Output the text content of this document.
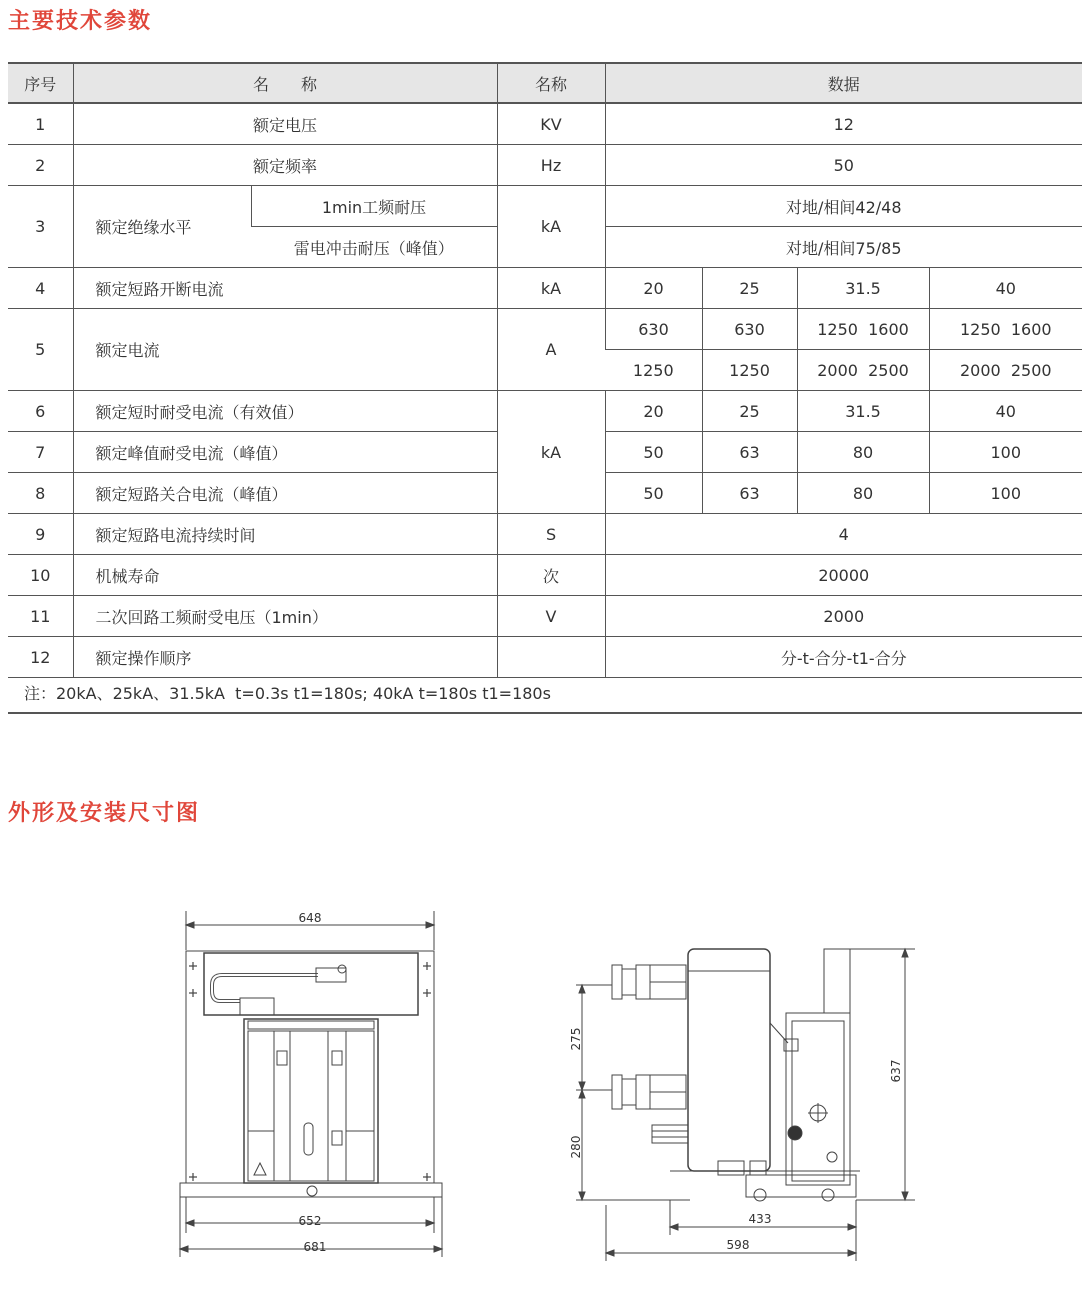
主要技术参数
序号	名　　称		名称	数据			
1	额定电压		KV	12			
2	额定频率		Hz	50			
3	额定绝缘水平	1min工频耐压	kA	对地/相间42/48			
		雷电冲击耐压（峰值）		对地/相间75/85			
4	额定短路开断电流		kA	20	25	31.5	40
5	额定电流		A	630	630	1250  1600	1250  1600
				1250	1250	2000  2500	2000  2500
6	额定短时耐受电流（有效值）		kA	20	25	31.5	40
7	额定峰值耐受电流（峰值）			50	63	80	100
8	额定短路关合电流（峰值）			50	63	80	100
9	额定短路电流持续时间		S	4			
10	机械寿命		次	20000			
11	二次回路工频耐受电压（1min）		V	2000			
12	额定操作顺序			分-t-合分-t1-合分			
注：20kA、25kA、31.5kA  t=0.3s t1=180s; 40kA t=180s t1=180s
外形及安装尺寸图
648
652
681
275
280
637
433
598
